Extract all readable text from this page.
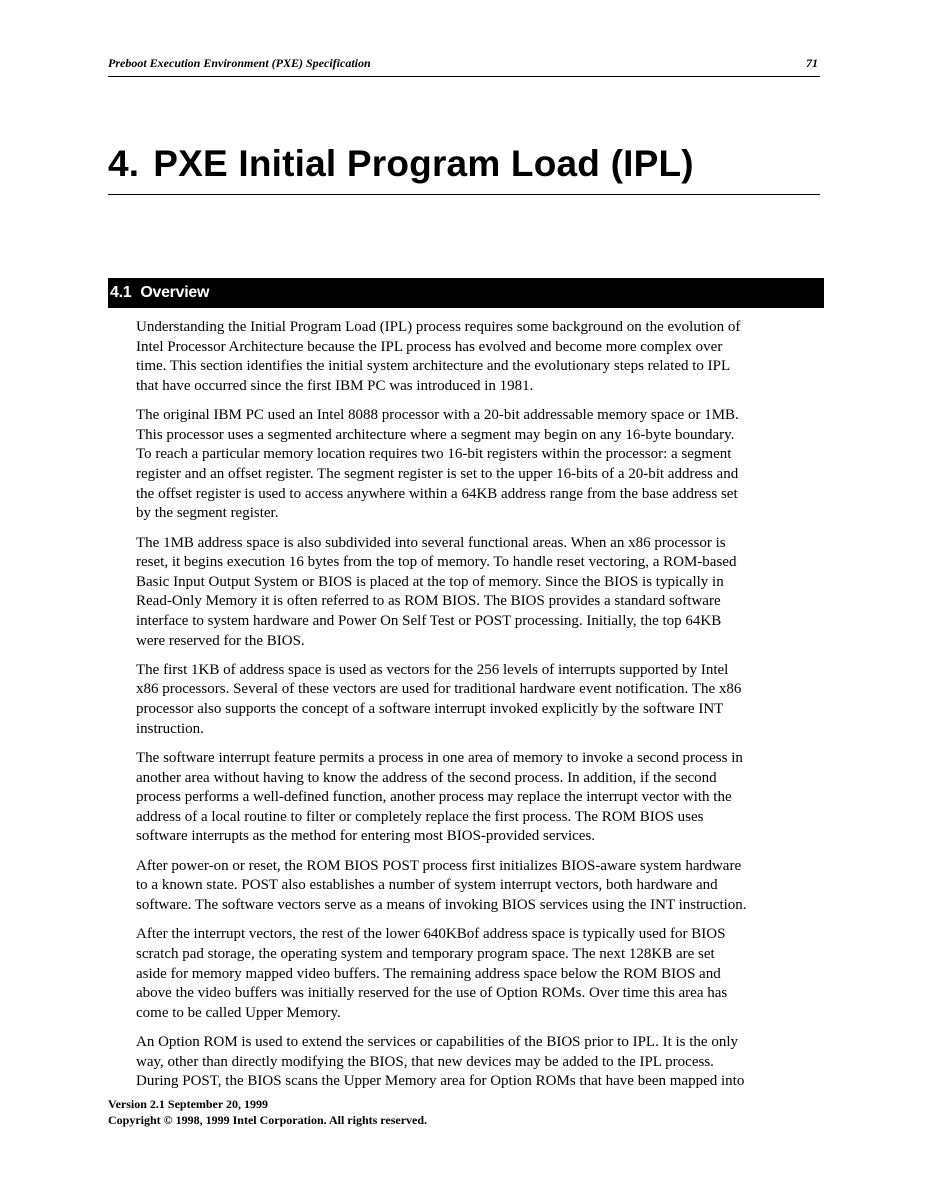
Preboot Execution Environment (PXE) Specification	71
4. PXE Initial Program Load (IPL)
4.1 Overview

Understanding the Initial Program Load (IPL) process requires some background on the evolution of
Intel Processor Architecture because the IPL process has evolved and become more complex over
time. This section identifies the initial system architecture and the evolutionary steps related to IPL
that have occurred since the first IBM PC was introduced in 1981.

The original IBM PC used an Intel 8088 processor with a 20-bit addressable memory space or 1MB.
This processor uses a segmented architecture where a segment may begin on any 16-byte boundary.
To reach a particular memory location requires two 16-bit registers within the processor: a segment
register and an offset register. The segment register is set to the upper 16-bits of a 20-bit address and
the offset register is used to access anywhere within a 64KB address range from the base address set
by the segment register.

The 1MB address space is also subdivided into several functional areas. When an x86 processor is
reset, it begins execution 16 bytes from the top of memory. To handle reset vectoring, a ROM-based
Basic Input Output System or BIOS is placed at the top of memory. Since the BIOS is typically in
Read-Only Memory it is often referred to as ROM BIOS. The BIOS provides a standard software
interface to system hardware and Power On Self Test or POST processing. Initially, the top 64KB
were reserved for the BIOS.

The first 1KB of address space is used as vectors for the 256 levels of interrupts supported by Intel
x86 processors. Several of these vectors are used for traditional hardware event notification. The x86
processor also supports the concept of a software interrupt invoked explicitly by the software INT
instruction.

The software interrupt feature permits a process in one area of memory to invoke a second process in
another area without having to know the address of the second process. In addition, if the second
process performs a well-defined function, another process may replace the interrupt vector with the
address of a local routine to filter or completely replace the first process. The ROM BIOS uses
software interrupts as the method for entering most BIOS-provided services.

After power-on or reset, the ROM BIOS POST process first initializes BIOS-aware system hardware
to a known state. POST also establishes a number of system interrupt vectors, both hardware and
software. The software vectors serve as a means of invoking BIOS services using the INT instruction.

After the interrupt vectors, the rest of the lower 640KBof address space is typically used for BIOS
scratch pad storage, the operating system and temporary program space. The next 128KB are set
aside for memory mapped video buffers. The remaining address space below the ROM BIOS and
above the video buffers was initially reserved for the use of Option ROMs. Over time this area has
come to be called Upper Memory.

An Option ROM is used to extend the services or capabilities of the BIOS prior to IPL. It is the only
way, other than directly modifying the BIOS, that new devices may be added to the IPL process.
During POST, the BIOS scans the Upper Memory area for Option ROMs that have been mapped into

Version 2.1 September 20, 1999
Copyright © 1998, 1999 Intel Corporation. All rights reserved.
